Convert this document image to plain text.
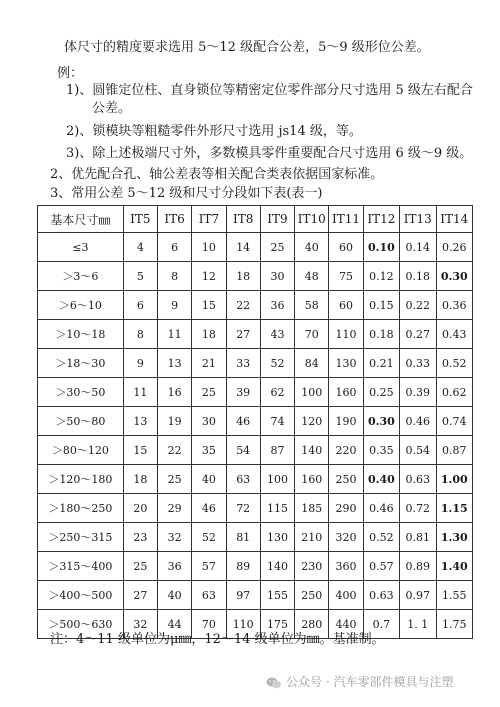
体尺寸的精度要求选用 5～12 级配合公差，5～9 级形位公差。
例：
1)、圆锥定位柱、直身锁位等精密定位零件部分尺寸选用 5 级左右配合
公差。
2)、锁模块等粗糙零件外形尺寸选用 js14 级，等。
3)、除上述极端尺寸外，多数模具零件重要配合尺寸选用 6 级～9 级。
2、优先配合孔、轴公差表等相关配合类表依据国家标准。
3、常用公差 5～12 级和尺寸分段如下表(表一)
基本尺寸㎜	IT5	IT6	IT7	IT8	IT9	IT10	IT11	IT12	IT13	IT14
≤3	4	6	10	14	25	40	60	0.10	0.14	0.26
＞3～6	5	8	12	18	30	48	75	0.12	0.18	0.30
＞6～10	6	9	15	22	36	58	60	0.15	0.22	0.36
＞10～18	8	11	18	27	43	70	110	0.18	0.27	0.43
＞18～30	9	13	21	33	52	84	130	0.21	0.33	0.52
＞30～50	11	16	25	39	62	100	160	0.25	0.39	0.62
＞50～80	13	19	30	46	74	120	190	0.30	0.46	0.74
＞80～120	15	22	35	54	87	140	220	0.35	0.54	0.87
＞120～180	18	25	40	63	100	160	250	0.40	0.63	1.00
＞180～250	20	29	46	72	115	185	290	0.46	0.72	1.15
＞250～315	23	32	52	81	130	210	320	0.52	0.81	1.30
＞315～400	25	36	57	89	140	230	360	0.57	0.89	1.40
＞400～500	27	40	63	97	155	250	400	0.63	0.97	1.55
＞500～630	32	44	70	110	175	280	440	0.7	1. 1	1.75
注：4～11 级单位为μ㎜，12～14 级单位为㎜。基准制。
公众号 · 汽车零部件模具与注塑
